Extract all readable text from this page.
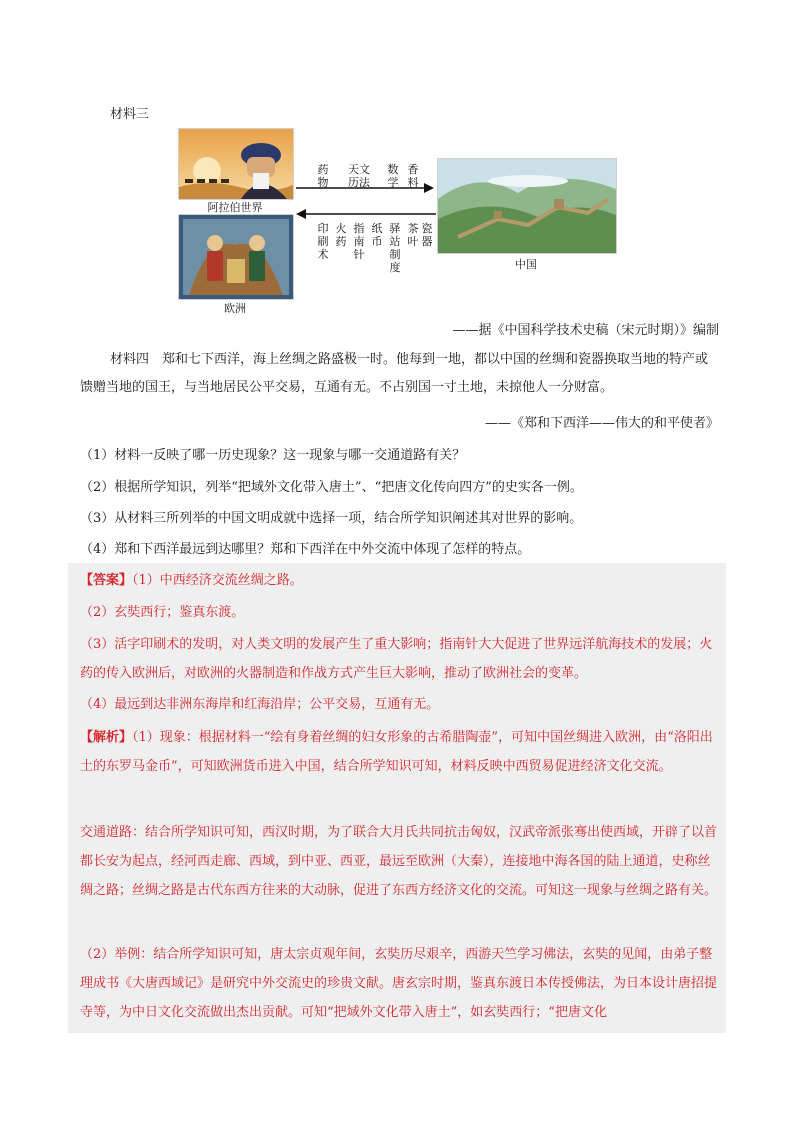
材料三
阿拉伯世界
欧洲
中国
药
物
天文
历法
数
学
香
料
印
刷
术
火
药
指
南
针
纸
币
驿
站
制
度
茶
叶
瓷
器
——据《中国科学技术史稿（宋元时期）》编制
材料四　郑和七下西洋，海上丝绸之路盛极一时。他每到一地，都以中国的丝绸和瓷器换取当地的特产或馈赠当地的国王，与当地居民公平交易，互通有无。不占别国一寸土地，未掠他人一分财富。
——《郑和下西洋——伟大的和平使者》
（1）材料一反映了哪一历史现象？这一现象与哪一交通道路有关？
（2）根据所学知识，列举“把域外文化带入唐土”、“把唐文化传向四方”的史实各一例。
（3）从材料三所列举的中国文明成就中选择一项，结合所学知识阐述其对世界的影响。
（4）郑和下西洋最远到达哪里？郑和下西洋在中外交流中体现了怎样的特点。
【答案】（1）中西经济交流丝绸之路。
（2）玄奘西行；鉴真东渡。
（3）活字印刷术的发明，对人类文明的发展产生了重大影响；指南针大大促进了世界远洋航海技术的发展；火药的传入欧洲后，对欧洲的火器制造和作战方式产生巨大影响，推动了欧洲社会的变革。
（4）最远到达非洲东海岸和红海沿岸；公平交易，互通有无。
【解析】（1）现象：根据材料一“绘有身着丝绸的妇女形象的古希腊陶壶”，可知中国丝绸进入欧洲，由“洛阳出土的东罗马金币”，可知欧洲货币进入中国，结合所学知识可知，材料反映中西贸易促进经济文化交流。
交通道路：结合所学知识可知，西汉时期，为了联合大月氏共同抗击匈奴，汉武帝派张骞出使西域，开辟了以首都长安为起点，经河西走廊、西域，到中亚、西亚，最远至欧洲（大秦），连接地中海各国的陆上通道，史称丝绸之路；丝绸之路是古代东西方往来的大动脉，促进了东西方经济文化的交流。可知这一现象与丝绸之路有关。
（2）举例：结合所学知识可知，唐太宗贞观年间，玄奘历尽艰辛，西游天竺学习佛法，玄奘的见闻，由弟子整理成书《大唐西域记》是研究中外交流史的珍贵文献。唐玄宗时期，鉴真东渡日本传授佛法，为日本设计唐招提寺等，为中日文化交流做出杰出贡献。可知“把域外文化带入唐土”，如玄奘西行；“把唐文化
